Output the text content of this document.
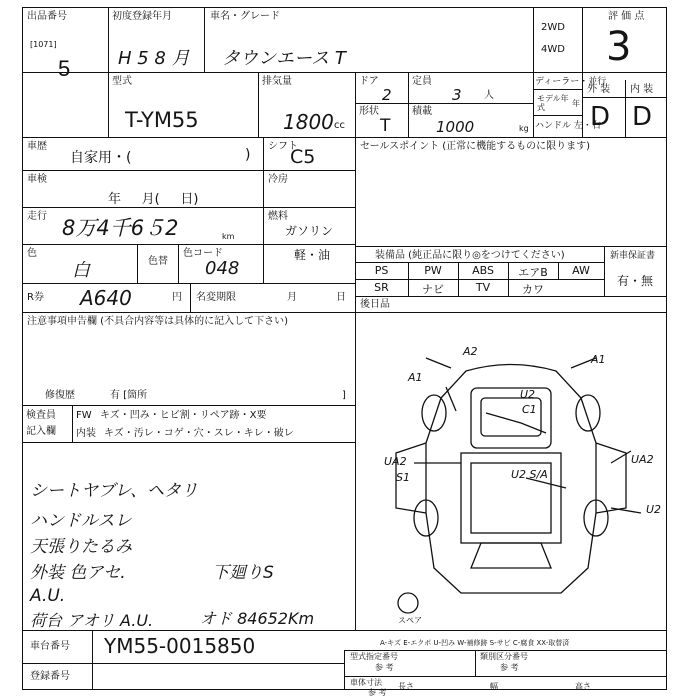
出品番号
[1071]
5
初度登録年月
H 5 8 月
車名・グレード
タウンエース T
2WD
4WD
評 価 点
3
外 装 内 装
D D
型式
T-YM55
排気量
1800 cc
ドア
2
定員
3 人
形状
T
積載
1000	kg
ディーラー・並行
モデル年式	年
ハンドル 左・右
車歴
自家用・(	)
シフト
C5
車検
年     月(     日)
冷房
走行 8万4千6５2	km
燃料
ガソリン
軽・油
色
白	色替
色コード
048
R券 A640	円 名変期限	月	日
セールスポイント (正常に機能するものに限ります)
装備品 (純正品に限り◎をつけてください)	新車保証書
有・無
PS	PW	ABS	エアB	AW
SR	ナビ	TV	カワ
後日品
注意事項申告欄 (不具合内容等は具体的に記入して下さい)
修復歴	有 [箇所	]
検査員
記入欄
FW キズ・凹み・ヒビ割・リペア跡・X要
内装 キズ・汚レ・コゲ・穴・スレ・キレ・破レ
シートヤブレ、ヘタリ
ハンドルスレ
天張りたるみ
外装 色アセ.	下廻りS
A.U.
荷台 アオリ A.U.	オド 84652Km
A2
A1
A1
U2
C1
UA2
S1	U2 S/A
UA2
U2
スペア
車台番号 YM55-0015850
登録番号
A-キズ E-エクボ U-凹み W-補修跡 S-サビ C-腐食 XX-取替済
型式指定番号
参 考
類別区分番号
参 考
車体寸法
参 考
長さ	幅	高さ
